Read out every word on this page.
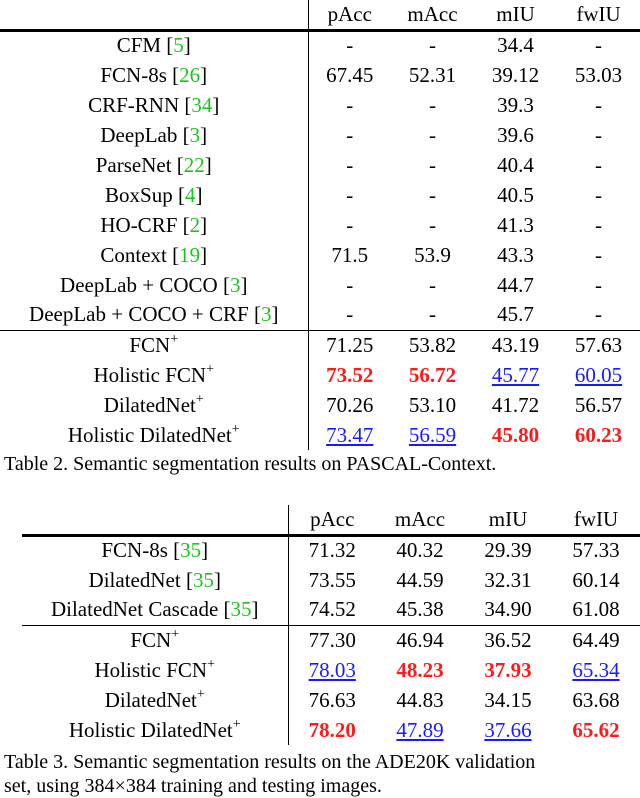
	pAcc	mAcc	mIU	fwIU
CFM [5]	-	-	34.4	-
FCN-8s [26]	67.45	52.31	39.12	53.03
CRF-RNN [34]	-	-	39.3	-
DeepLab [3]	-	-	39.6	-
ParseNet [22]	-	-	40.4	-
BoxSup [4]	-	-	40.5	-
HO-CRF [2]	-	-	41.3	-
Context [19]	71.5	53.9	43.3	-
DeepLab + COCO [3]	-	-	44.7	-
DeepLab + COCO + CRF [3]	-	-	45.7	-
FCN+	71.25	53.82	43.19	57.63
Holistic FCN+	73.52	56.72	45.77	60.05
DilatedNet+	70.26	53.10	41.72	56.57
Holistic DilatedNet+	73.47	56.59	45.80	60.23
Table 2. Semantic segmentation results on PASCAL-Context.
	pAcc	mAcc	mIU	fwIU
FCN-8s [35]	71.32	40.32	29.39	57.33
DilatedNet [35]	73.55	44.59	32.31	60.14
DilatedNet Cascade [35]	74.52	45.38	34.90	61.08
FCN+	77.30	46.94	36.52	64.49
Holistic FCN+	78.03	48.23	37.93	65.34
DilatedNet+	76.63	44.83	34.15	63.68
Holistic DilatedNet+	78.20	47.89	37.66	65.62
Table 3. Semantic segmentation results on the ADE20K validation
set, using 384×384 training and testing images.
